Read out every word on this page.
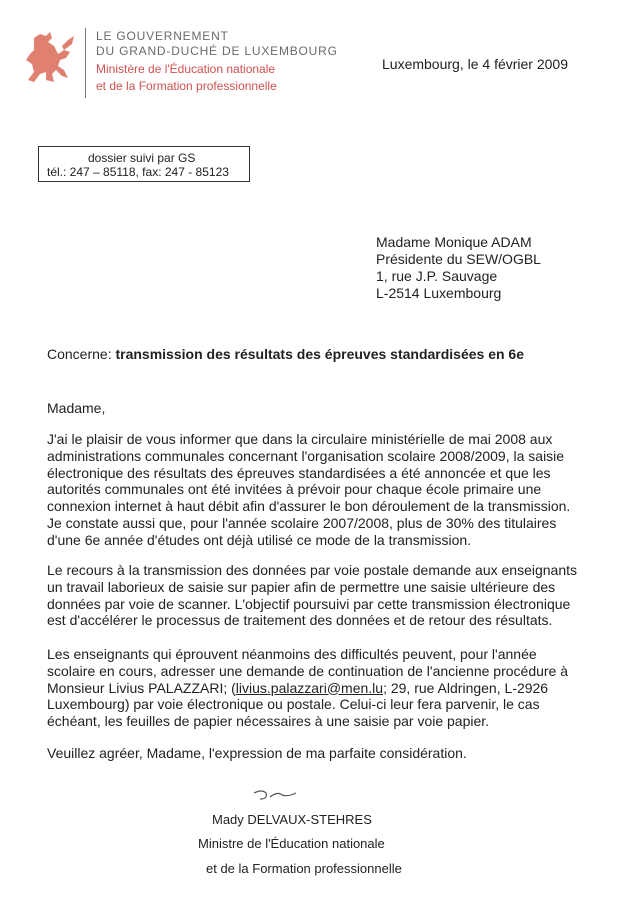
LE GOUVERNEMENT
DU GRAND-DUCHÉ DE LUXEMBOURG
Ministère de l'Éducation nationale
et de la Formation professionnelle
Luxembourg, le 4 février 2009
dossier suivi par GS
tél.: 247 – 85118, fax: 247 - 85123
Madame Monique ADAM
Présidente du SEW/OGBL
1, rue J.P. Sauvage
L-2514 Luxembourg
Concerne: transmission des résultats des épreuves standardisées en 6e
Madame,

J'ai le plaisir de vous informer que dans la circulaire ministérielle de mai 2008 aux
administrations communales concernant l'organisation scolaire 2008/2009, la saisie
électronique des résultats des épreuves standardisées a été annoncée et que les
autorités communales ont été invitées à prévoir pour chaque école primaire une
connexion internet à haut débit afin d'assurer le bon déroulement de la transmission.
Je constate aussi que, pour l'année scolaire 2007/2008, plus de 30% des titulaires
d'une 6e année d'études ont déjà utilisé ce mode de la transmission.

Le recours à la transmission des données par voie postale demande aux enseignants
un travail laborieux de saisie sur papier afin de permettre une saisie ultérieure des
données par voie de scanner. L'objectif poursuivi par cette transmission électronique
est d'accélérer le processus de traitement des données et de retour des résultats.

Les enseignants qui éprouvent néanmoins des difficultés peuvent, pour l'année
scolaire en cours, adresser une demande de continuation de l'ancienne procédure à
Monsieur Livius PALAZZARI; (livius.palazzari@men.lu; 29, rue Aldringen, L-2926
Luxembourg) par voie électronique ou postale. Celui-ci leur fera parvenir, le cas
échéant, les feuilles de papier nécessaires à une saisie par voie papier.

Veuillez agréer, Madame, l'expression de ma parfaite considération.
Mady DELVAUX-STEHRES
Ministre de l'Éducation nationale
et de la Formation professionnelle
